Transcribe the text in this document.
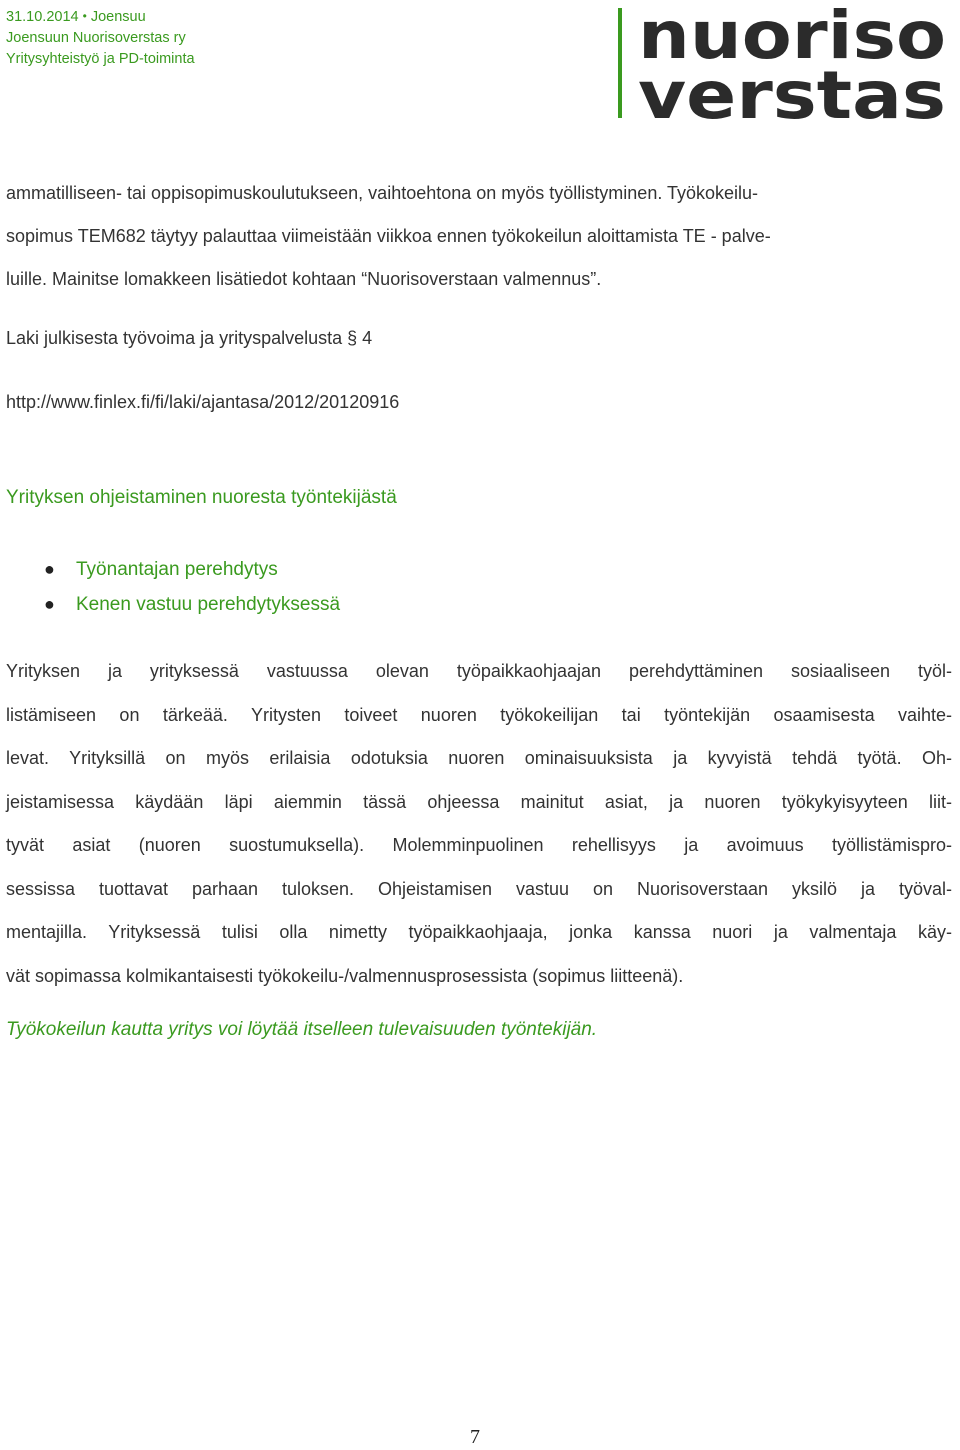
31.10.2014 • Joensuu
Joensuun Nuorisoverstas ry
Yritysyhteistyö ja PD-toiminta	nuoriso
verstas
ammatilliseen- tai oppisopimuskoulutukseen, vaihtoehtona on myös työllistyminen. Työkokeilu-
sopimus TEM682 täytyy palauttaa viimeistään viikkoa ennen työkokeilun aloittamista TE - palve-
luille. Mainitse lomakkeen lisätiedot kohtaan “Nuorisoverstaan valmennus”.
Laki julkisesta työvoima ja yrityspalvelusta § 4
http://www.finlex.fi/fi/laki/ajantasa/2012/20120916
Yrityksen ohjeistaminen nuoresta työntekijästä
● Työnantajan perehdytys
● Kenen vastuu perehdytyksessä
Yrityksen ja yrityksessä vastuussa olevan työpaikkaohjaajan perehdyttäminen sosiaaliseen työl-
listämiseen on tärkeää. Yritysten toiveet nuoren työkokeilijan tai työntekijän osaamisesta vaihte-
levat. Yrityksillä on myös erilaisia odotuksia nuoren ominaisuuksista ja kyvyistä tehdä työtä. Oh-
jeistamisessa käydään läpi aiemmin tässä ohjeessa mainitut asiat, ja nuoren työkykyisyyteen liit-
tyvät asiat (nuoren suostumuksella). Molemminpuolinen rehellisyys ja avoimuus työllistämispro-
sessissa tuottavat parhaan tuloksen. Ohjeistamisen vastuu on Nuorisoverstaan yksilö ja työval-
mentajilla. Yrityksessä tulisi olla nimetty työpaikkaohjaaja, jonka kanssa nuori ja valmentaja käy-
vät sopimassa kolmikantaisesti työkokeilu-/valmennusprosessista (sopimus liitteenä).
Työkokeilun kautta yritys voi löytää itselleen tulevaisuuden työntekijän.
7
